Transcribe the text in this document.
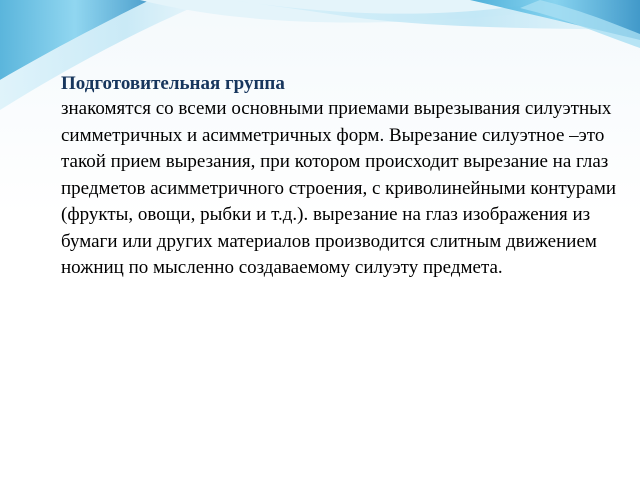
Подготовительная группа

знакомятся со всеми основными приемами вырезывания силуэтных симметричных и асимметричных форм. Вырезание силуэтное –это такой прием вырезания, при котором происходит вырезание на глаз предметов асимметричного строения, с криволинейными контурами (фрукты, овощи, рыбки и т.д.). вырезание на глаз изображения из бумаги или других материалов производится слитным движением ножниц по мысленно создаваемому силуэту предмета.
